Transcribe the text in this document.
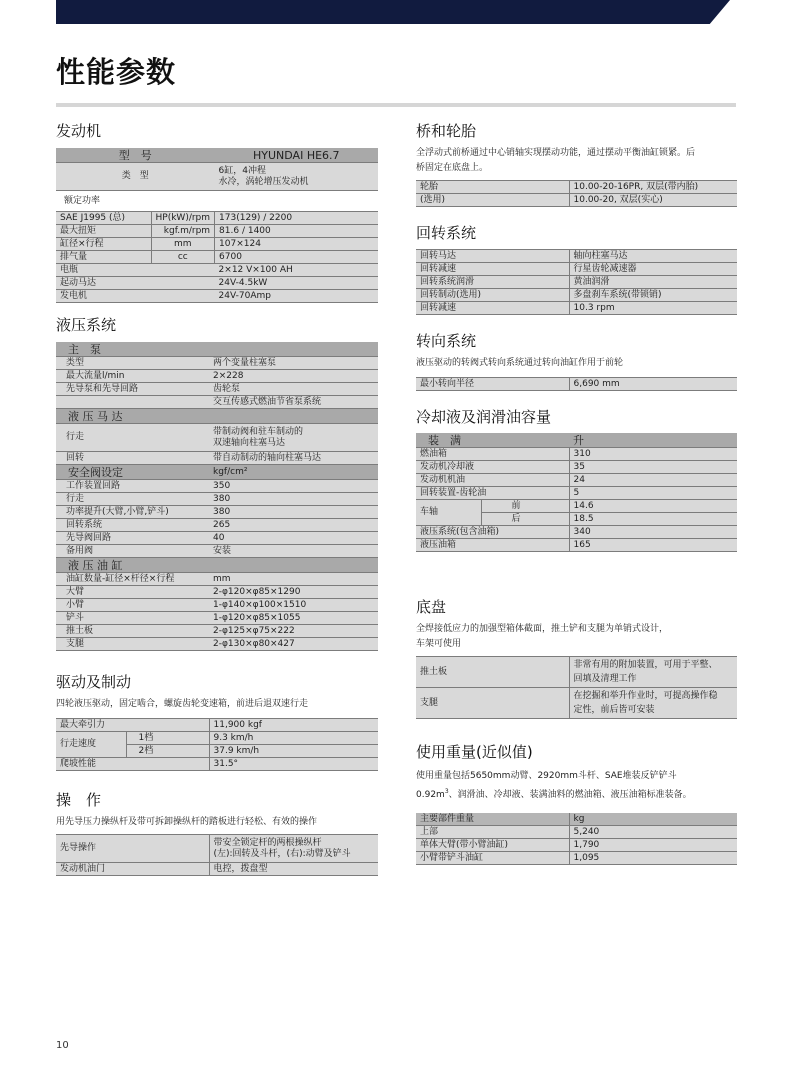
性能参数
发动机
型　号		HYUNDAI HE6.7
类　型		6缸，4冲程
水冷，涡轮增压发动机

额定功率		
SAE J1995 (总)	HP(kW)/rpm	173(129) / 2200
最大扭矩	kgf.m/rpm	81.6 / 1400
缸径×行程	mm	107×124
排气量	cc	6700
电瓶		2×12 V×100 AH
起动马达		24V-4.5kW
发电机		24V-70Amp
液压系统
主　泵	
类型	两个变量柱塞泵
最大流量l/min	2×228
先导泵和先导回路	齿轮泵
	交互传感式燃油节省泵系统
液 压 马 达	
行走	带制动阀和驻车制动的
双速轴向柱塞马达

回转	带自动制动的轴向柱塞马达
安全阀设定	kgf/cm²
工作装置回路	350
行走	380
功率提升(大臂,小臂,铲斗)	380
回转系统	265
先导阀回路	40
备用阀	安装
液 压 油 缸	
油缸数量-缸径×杆径×行程	mm
大臂	2-φ120×φ85×1290
小臂	1-φ140×φ100×1510
铲斗	1-φ120×φ85×1055
推土板	2-φ125×φ75×222
支腿	2-φ130×φ80×427
驱动及制动
四轮液压驱动，固定啮合，螺旋齿轮变速箱，前进后退双速行走
最大牵引力		11,900 kgf
行走速度	1档	9.3 km/h
	2档	37.9 km/h
爬坡性能		31.5°
操　作
用先导压力操纵杆及带可拆卸操纵杆的踏板进行轻松、有效的操作
先导操作	带安全锁定杆的两根操纵杆
(左):回转及斗杆，(右):动臂及铲斗

发动机油门	电控，拨盘型
桥和轮胎
全浮动式前桥通过中心销轴实现摆动功能，通过摆动平衡油缸锁紧。后
桥固定在底盘上。
轮胎	10.00-20-16PR, 双层(带内胎)
(选用)	10.00-20, 双层(实心)
回转系统
回转马达	轴向柱塞马达
回转减速	行星齿轮减速器
回转系统润滑	黄油润滑
回转制动(选用)	多盘刹车系统(带锁销)
回转减速	10.3 rpm
转向系统
液压驱动的转阀式转向系统通过转向油缸作用于前轮
最小转向半径	6,690 mm
冷却液及润滑油容量
装　满		升
燃油箱		310
发动机冷却液		35
发动机机油		24
回转装置-齿轮油		5
车轴	前	14.6
	后	18.5
液压系统(包含油箱)		340
液压油箱		165
底盘
全焊接低应力的加强型箱体截面，推土铲和支腿为单销式设计，
车架可使用
推土板	非常有用的附加装置，可用于平整、
回填及清理工作

支腿	在挖掘和举升作业时，可提高操作稳
定性，前后皆可安装
使用重量(近似值)
使用重量包括5650mm动臂、2920mm斗杆、SAE堆装反铲铲斗
$0.92m^3$、润滑油、冷却液、装满油料的燃油箱、液压油箱标准装备。
主要部件重量	kg
上部	5,240
单体大臂(带小臂油缸)	1,790
小臂带铲斗油缸	1,095
10
